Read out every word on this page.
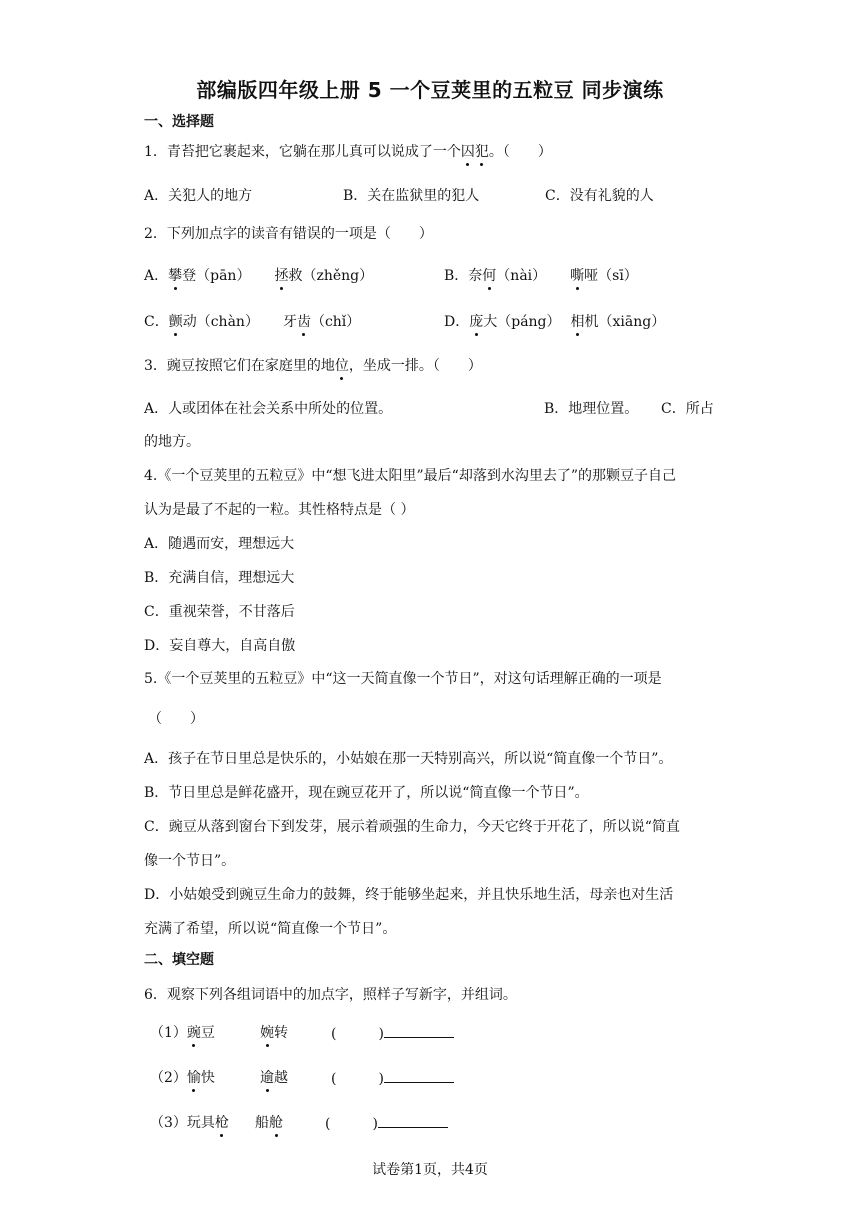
部编版四年级上册 5 一个豆荚里的五粒豆 同步演练
一、选择题
1．青苔把它裹起来，它躺在那儿真可以说成了一个囚犯。（　　）
A．关犯人的地方	B．关在监狱里的犯人	C．没有礼貌的人
2．下列加点字的读音有错误的一项是（　　）
A．攀登（pān） 拯救（zhěng）	B．奈何（nài） 嘶哑（sī）
C．颤动（chàn） 牙齿（chǐ）	D．庞大（páng） 相机（xiāng）
3．豌豆按照它们在家庭里的地位，坐成一排。（　　）
A．人或团体在社会关系中所处的位置。	B．地理位置。 C．所占
的地方。
4.《一个豆荚里的五粒豆》中“想飞进太阳里”最后“却落到水沟里去了”的那颗豆子自己
认为是最了不起的一粒。其性格特点是（ ）
A．随遇而安，理想远大
B．充满自信，理想远大
C．重视荣誉，不甘落后
D．妄自尊大，自高自傲
5.《一个豆荚里的五粒豆》中“这一天简直像一个节日”，对这句话理解正确的一项是
（　　）
A．孩子在节日里总是快乐的，小姑娘在那一天特别高兴，所以说“简直像一个节日”。
B．节日里总是鲜花盛开，现在豌豆花开了，所以说“简直像一个节日”。
C．豌豆从落到窗台下到发芽，展示着顽强的生命力，今天它终于开花了，所以说“简直
像一个节日”。
D．小姑娘受到豌豆生命力的鼓舞，终于能够坐起来，并且快乐地生活，母亲也对生活
充满了希望，所以说“简直像一个节日”。
二、填空题
6．观察下列各组词语中的加点字，照样子写新字，并组词。
（1）豌豆	婉转	(　　　)
（2）愉快	逾越	(　　　)
（3）玩具枪 船舱	(　　　)
试卷第1页，共4页
